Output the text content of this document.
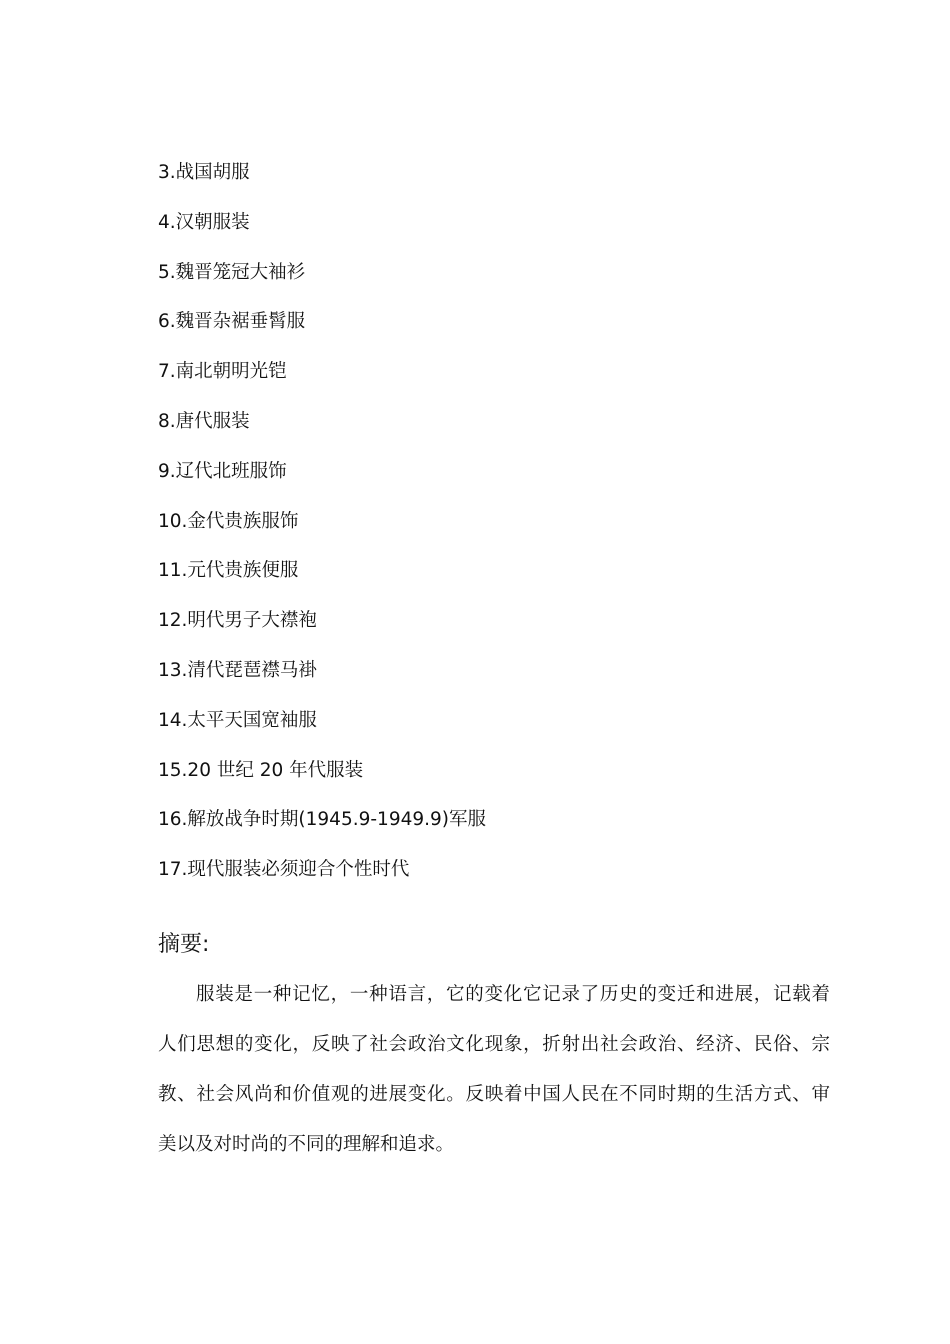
3.战国胡服
4.汉朝服装
5.魏晋笼冠大袖衫
6.魏晋杂裾垂髾服
7.南北朝明光铠
8.唐代服装
9.辽代北班服饰
10.金代贵族服饰
11.元代贵族便服
12.明代男子大襟袍
13.清代琵琶襟马褂
14.太平天国宽袖服
15.20 世纪 20 年代服装
16.解放战争时期(1945.9-1949.9)军服
17.现代服装必须迎合个性时代
摘要:
服装是一种记忆，一种语言，它的变化它记录了历史的变迁和进展，记载着
人们思想的变化，反映了社会政治文化现象，折射出社会政治、经济、民俗、宗
教、社会风尚和价值观的进展变化。反映着中国人民在不同时期的生活方式、审
美以及对时尚的不同的理解和追求。
